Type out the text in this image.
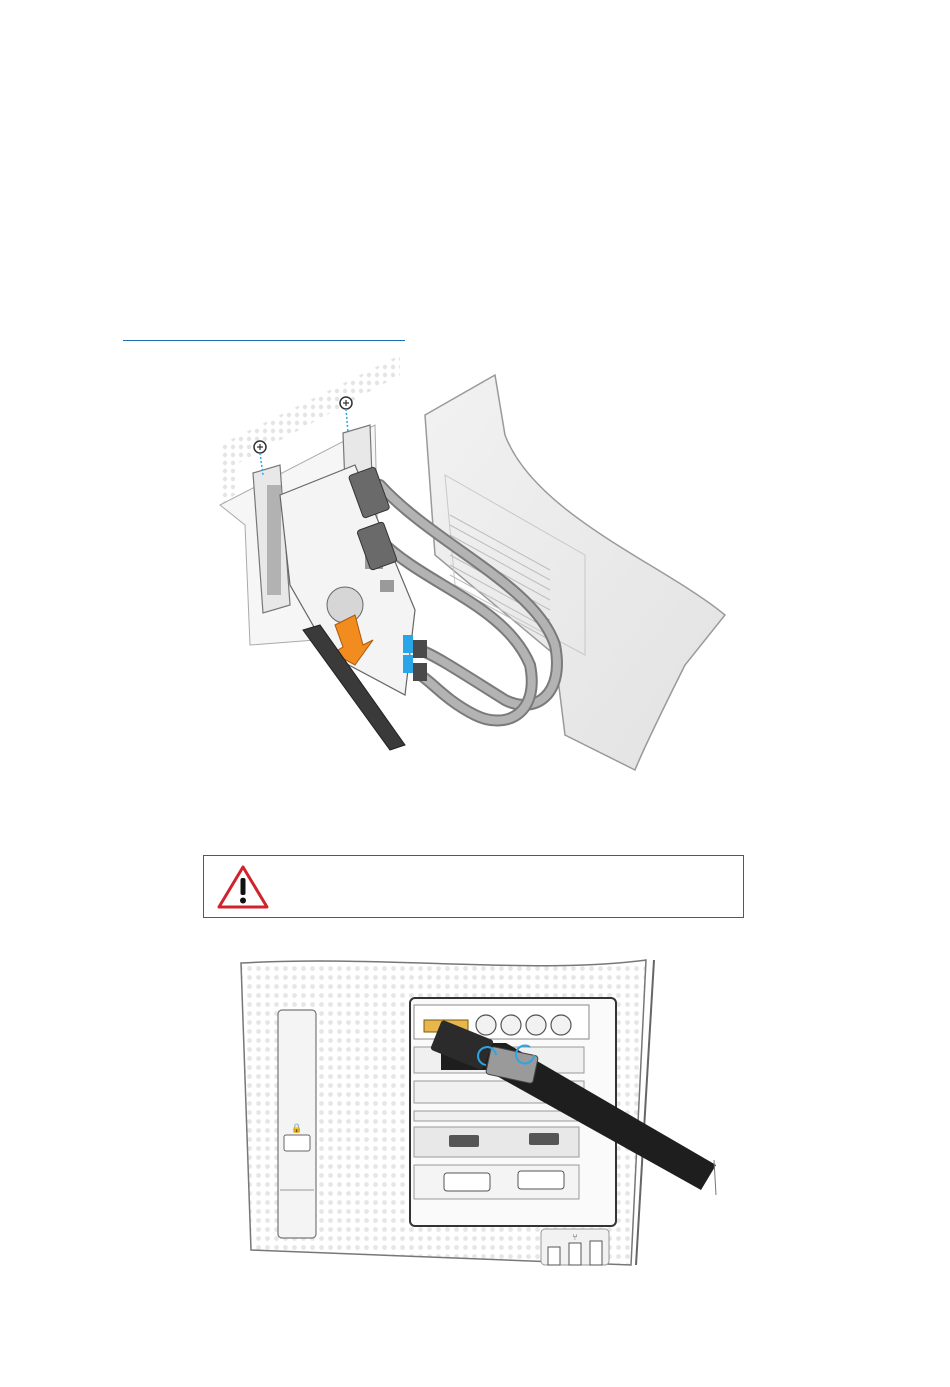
🔒
⑂
